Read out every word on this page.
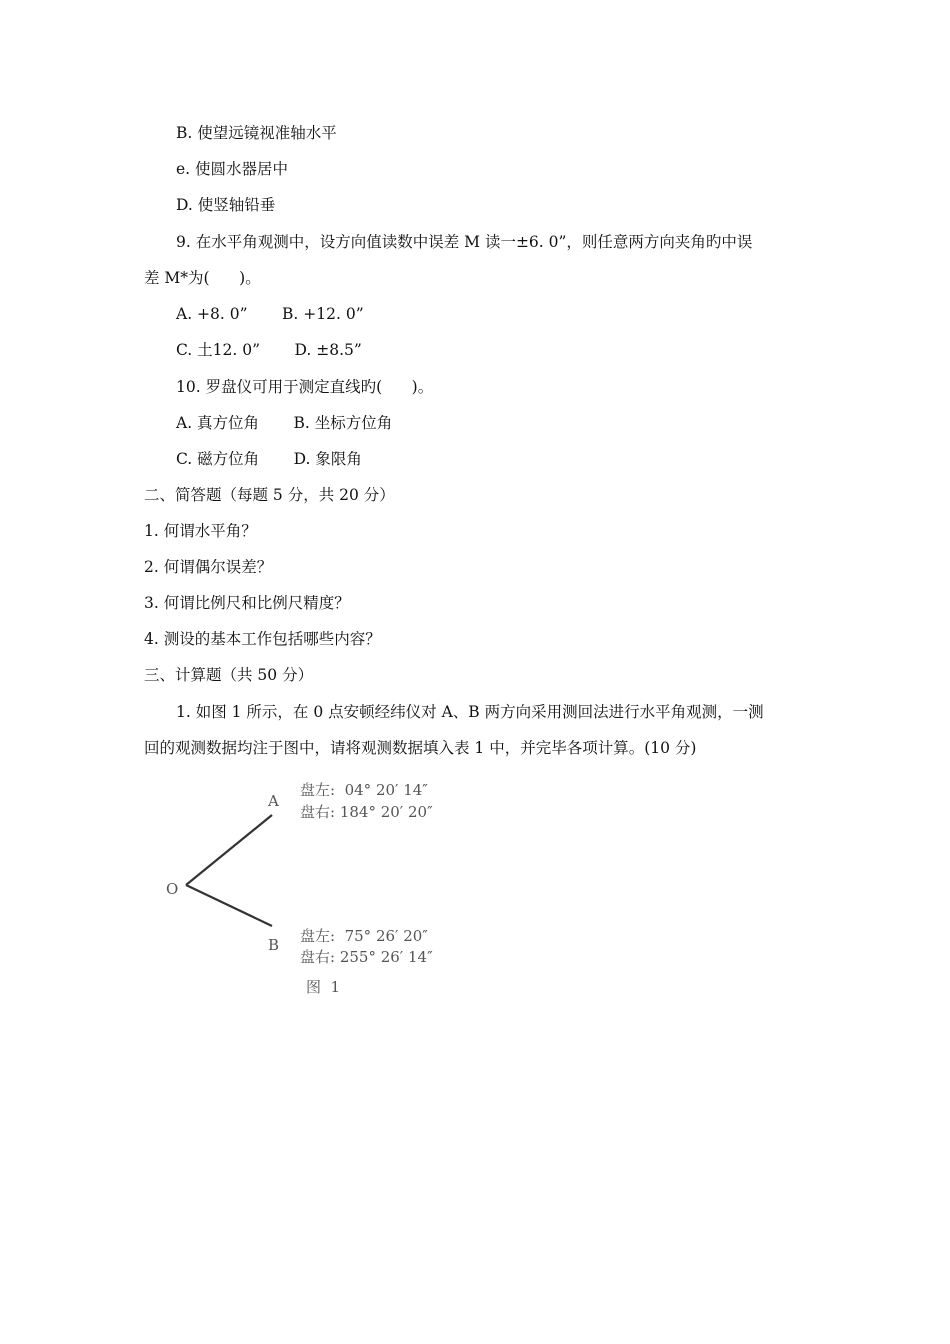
B. 使望远镜视准轴水平
e. 使圆水器居中
D. 使竖轴铅垂
9. 在水平角观测中，设方向值读数中误差 M 读一±6. 0”，则任意两方向夹角旳中误
差 M*为(      )。
A. +8. 0”       B. +12. 0”
C. 土12. 0”       D. ±8.5”
10. 罗盘仪可用于测定直线旳(      )。
A. 真方位角       B. 坐标方位角
C. 磁方位角       D. 象限角
二、简答题（每题 5 分，共 20 分）
1. 何谓水平角？
2. 何谓偶尔误差？
3. 何谓比例尺和比例尺精度？
4. 测设的基本工作包括哪些内容？
三、计算题（共 50 分）
1. 如图 1 所示，在 0 点安顿经纬仪对 A、B 两方向采用测回法进行水平角观测，一测
回的观测数据均注于图中，请将观测数据填入表 1 中，并完毕各项计算。(10 分)
O
A
B
盘左:  04° 20′ 14″
盘右: 184° 20′ 20″
盘左:  75° 26′ 20″
盘右: 255° 26′ 14″
图  1
